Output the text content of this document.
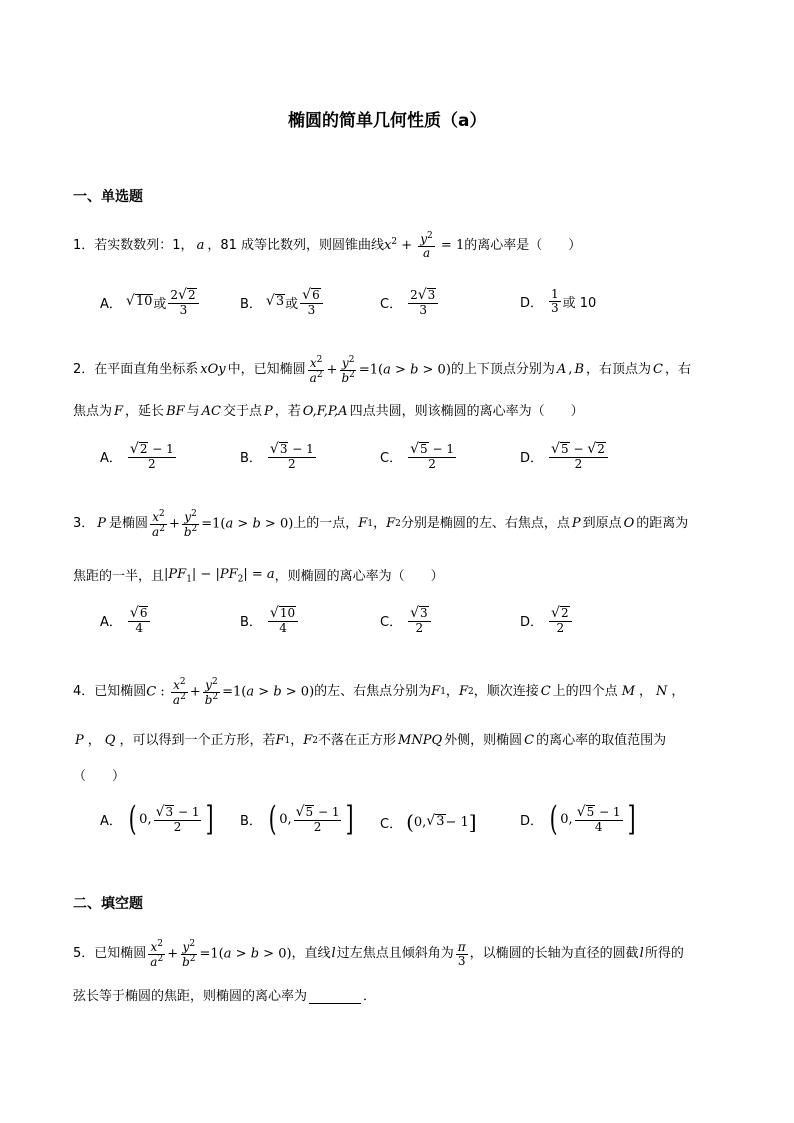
椭圆的简单几何性质（a）
一、单选题
1． 若实数数列：1， a ，81 成等比数列，则圆锥曲线 $x^2 + \frac{y^2}{a} = 1$ 的离心率是（　　）
A． √ 10 或 $\frac{2 √ 2}{3}$	B． √ 3 或 $\frac{√ 6}{3}$	C． $\frac{2 √ 3}{3}$	D． $\frac{1}{3}$ 或 10
2． 在平面直角坐标系 xOy 中，已知椭圆 $\frac{x^2}{a^2} + \frac{y^2}{b^2} =1(a > b > 0)$ 的上下顶点分别为 A , B ，右顶点为 C ，右
焦点为 F ，延长 BF 与 AC 交于点 P ，若 O,F,P,A 四点共圆，则该椭圆的离心率为（　　）
A． $\frac{√ 2 - 1}{2}$	B． $\frac{√ 3 - 1}{2}$	C． $\frac{√ 5 - 1}{2}$	D． $\frac{√ 5 - √ 2}{2}$
3． P 是椭圆 $\frac{x^2}{a^2} + \frac{y^2}{b^2} =1(a > b > 0)$ 上的一点， F 1 ， F 2 分别是椭圆的左、右焦点，点 P 到原点 O 的距离为
焦距的一半，且 $|PF_1| - |PF_2| = a$ ，则椭圆的离心率为（　　）
A． $\frac{√ 6}{4}$	B． $\frac{√ 10}{4}$	C． $\frac{√ 3}{2}$	D． $\frac{√ 2}{2}$
4． 已知椭圆 C : $\frac{x^2}{a^2} + \frac{y^2}{b^2} =1(a > b > 0)$ 的左、右焦点分别为 F 1 ， F 2 ，顺次连接 C 上的四个点 M ， N ，
P ， Q ，可以得到一个正方形，若 F 1 ， F 2 不落在正方形 MNPQ 外侧，则椭圆 C 的离心率的取值范围为
（　　）
A． ( 0, $\frac{√ 3 - 1}{2}$ ] B． ( 0, $\frac{√ 5 - 1}{2}$ ] C． ( 0, √ 3 − 1 ]	D． ( 0, $\frac{√ 5 - 1}{4}$ ]
二、填空题
5． 已知椭圆 $\frac{x^2}{a^2} + \frac{y^2}{b^2} =1(a > b > 0)$ ，直线 l 过左焦点且倾斜角为 $\frac{\pi}{3}$ ，以椭圆的长轴为直径的圆截 l 所得的
弦长等于椭圆的焦距，则椭圆的离心率为	．
